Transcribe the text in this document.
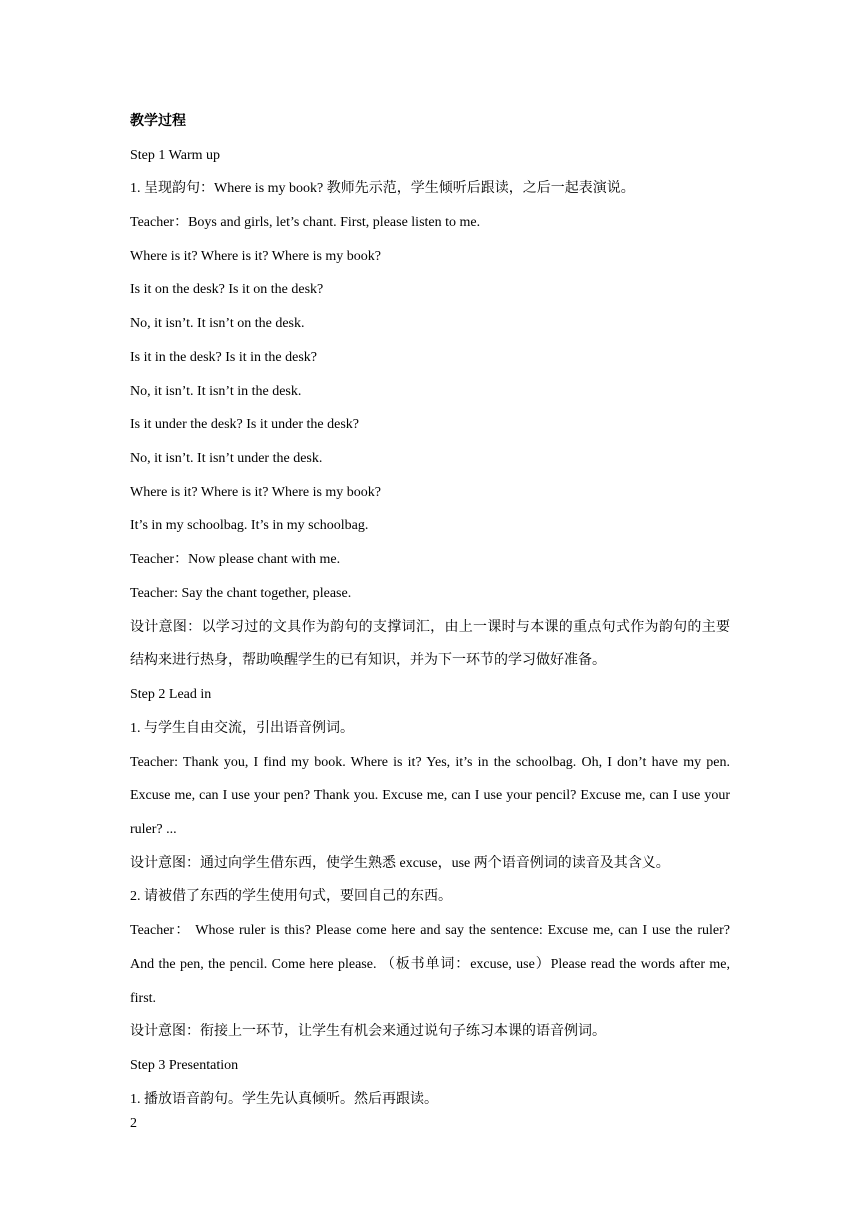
教学过程
Step 1 Warm up
1. 呈现韵句：Where is my book? 教师先示范，学生倾听后跟读，之后一起表演说。
Teacher：Boys and girls, let’s chant. First, please listen to me.
Where is it? Where is it? Where is my book?
Is it on the desk? Is it on the desk?
No, it isn’t. It isn’t on the desk.
Is it in the desk? Is it in the desk?
No, it isn’t. It isn’t in the desk.
Is it under the desk? Is it under the desk?
No, it isn’t. It isn’t under the desk.
Where is it? Where is it? Where is my book?
It’s in my schoolbag. It’s in my schoolbag.
Teacher：Now please chant with me.
Teacher: Say the chant together, please.
设计意图：以学习过的文具作为韵句的支撑词汇，由上一课时与本课的重点句式作为韵句的主要结构来进行热身，帮助唤醒学生的已有知识，并为下一环节的学习做好准备。
Step 2 Lead in
1. 与学生自由交流，引出语音例词。
Teacher: Thank you, I find my book. Where is it? Yes, it’s in the schoolbag. Oh, I don’t have my pen. Excuse me, can I use your pen? Thank you. Excuse me, can I use your pencil? Excuse me, can I use your ruler? ...
设计意图：通过向学生借东西，使学生熟悉 excuse，use 两个语音例词的读音及其含义。
2. 请被借了东西的学生使用句式，要回自己的东西。
Teacher： Whose ruler is this? Please come here and say the sentence: Excuse me, can I use the ruler? And the pen, the pencil. Come here please. （板书单词：excuse, use）Please read the words after me, first.
设计意图：衔接上一环节，让学生有机会来通过说句子练习本课的语音例词。
Step 3 Presentation
1. 播放语音韵句。学生先认真倾听。然后再跟读。
2
